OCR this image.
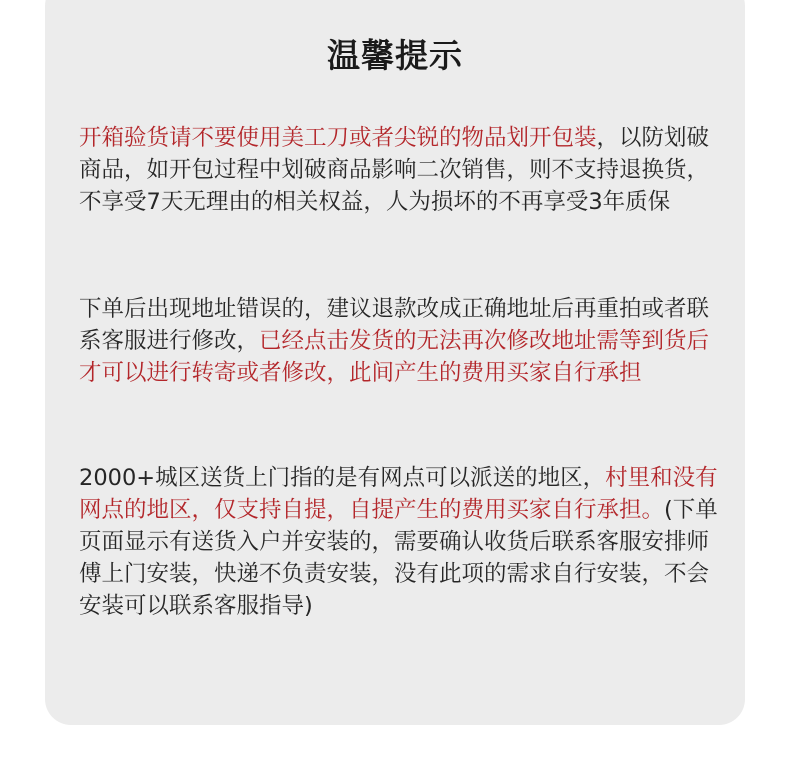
温馨提示
开箱验货请不要使用美工刀或者尖锐的物品划开包装，以防划破商品，如开包过程中划破商品影响二次销售，则不支持退换货，不享受7天无理由的相关权益，人为损坏的不再享受3年质保
下单后出现地址错误的，建议退款改成正确地址后再重拍或者联系客服进行修改，已经点击发货的无法再次修改地址需等到货后才可以进行转寄或者修改，此间产生的费用买家自行承担
2000+城区送货上门指的是有网点可以派送的地区，村里和没有网点的地区，仅支持自提，自提产生的费用买家自行承担。(下单页面显示有送货入户并安装的，需要确认收货后联系客服安排师傅上门安装，快递不负责安装，没有此项的需求自行安装，不会安装可以联系客服指导)
